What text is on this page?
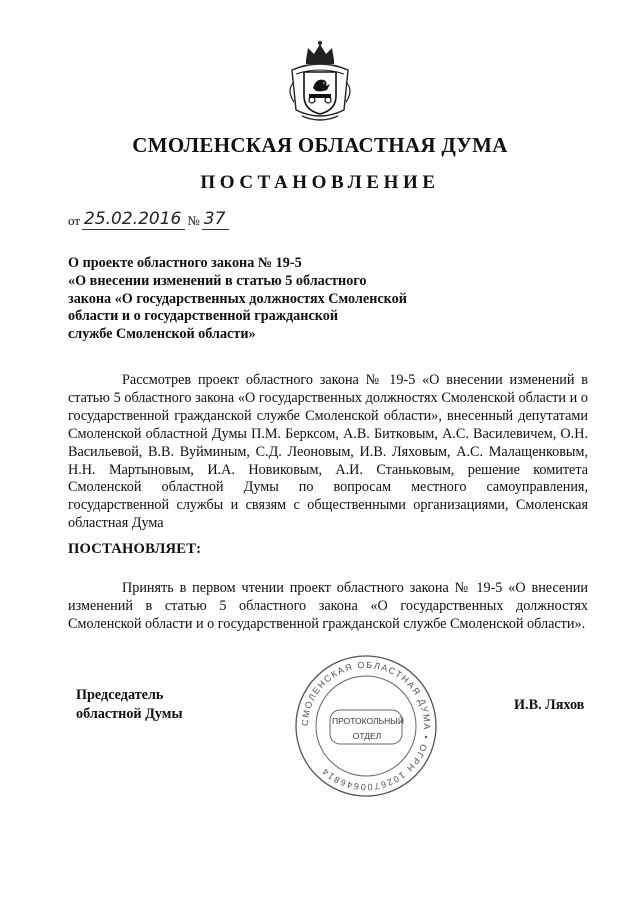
СМОЛЕНСКАЯ ОБЛАСТНАЯ ДУМА
ПОСТАНОВЛЕНИЕ
от 25.02.2016 № 37
О проекте областного закона № 19-5
«О внесении изменений в статью 5 областного
закона «О государственных должностях Смоленской
области и о государственной гражданской
службе Смоленской области»

Рассмотрев проект областного закона № 19-5 «О внесении изменений в статью 5 областного закона «О государственных должностях Смоленской области и о государственной гражданской службе Смоленской области», внесенный депутатами Смоленской областной Думы П.М. Берксом, А.В. Битковым, А.С. Василевичем, О.Н. Васильевой, В.В. Вуйминым, С.Д. Леоновым, И.В. Ляховым, А.С. Малащенковым, Н.Н. Мартыновым, И.А. Новиковым, А.И. Станьковым, решение комитета Смоленской областной Думы по вопросам местного самоуправления, государственной службы и связям с общественными организациями, Смоленская областная Дума

ПОСТАНОВЛЯЕТ:

Принять в первом чтении проект областного закона № 19-5 «О внесении изменений в статью 5 областного закона «О государственных должностях Смоленской области и о государственной гражданской службе Смоленской области».

Председатель
областной Думы	СМОЛЕНСКАЯ ОБЛАСТНАЯ ДУМА • ОГРН 1026700646814
ПРОТОКОЛЬНЫЙ
ОТДЕЛ
И.В. Ляхов
